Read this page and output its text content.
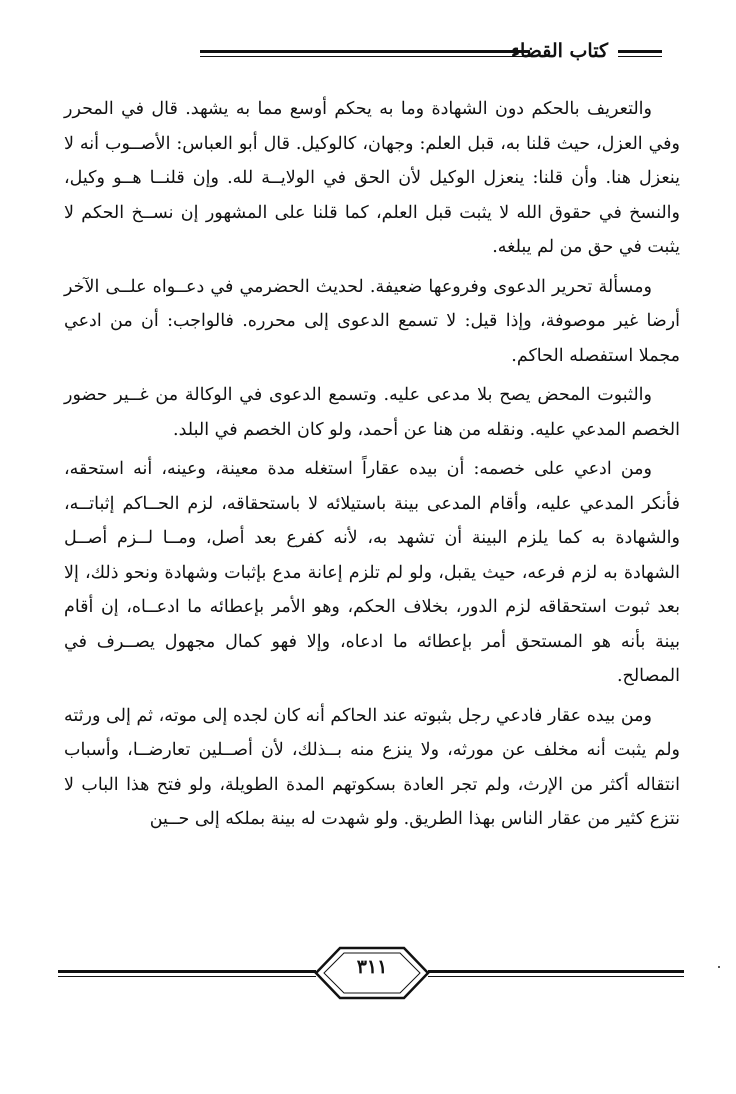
كتاب القضاء

والتعريف بالحكم دون الشهادة وما به يحكم أوسع مما به يشهد. قال في المحرر وفي العزل، حيث قلنا به، قبل العلم: وجهان، كالوكيل. قال أبو العباس: الأصــوب أنه لا ينعزل هنا. وأن قلنا: ينعزل الوكيل لأن الحق في الولايــة لله. وإن قلنــا هــو وكيل، والنسخ في حقوق الله لا يثبت قبل العلم، كما قلنا على المشهور إن نســخ الحكم لا يثبت في حق من لم يبلغه.

ومسألة تحرير الدعوى وفروعها ضعيفة. لحديث الحضرمي في دعــواه علــى الآخر أرضا غير موصوفة، وإذا قيل: لا تسمع الدعوى إلى محرره. فالواجب: أن من ادعي مجملا استفصله الحاكم.

والثبوت المحض يصح بلا مدعى عليه. وتسمع الدعوى في الوكالة من غــير حضور الخصم المدعي عليه. ونقله من هنا عن أحمد، ولو كان الخصم في البلد.

ومن ادعي على خصمه: أن بيده عقاراً استغله مدة معينة، وعينه، أنه استحقه، فأنكر المدعي عليه، وأقام المدعى بينة باستيلائه لا باستحقاقه، لزم الحــاكم إثباتــه، والشهادة به كما يلزم البينة أن تشهد به، لأنه كفرع بعد أصل، ومــا لــزم أصــل الشهادة به لزم فرعه، حيث يقبل، ولو لم تلزم إعانة مدع بإثبات وشهادة ونحو ذلك، إلا بعد ثبوت استحقاقه لزم الدور، بخلاف الحكم، وهو الأمر بإعطائه ما ادعــاه، إن أقام بينة بأنه هو المستحق أمر بإعطائه ما ادعاه، وإلا فهو كمال مجهول يصــرف في المصالح.

ومن بيده عقار فادعي رجل بثبوته عند الحاكم أنه كان لجده إلى موته، ثم إلى ورثته ولم يثبت أنه مخلف عن مورثه، ولا ينزع منه بــذلك، لأن أصــلين تعارضــا، وأسباب انتقاله أكثر من الإرث، ولم تجر العادة بسكوتهم المدة الطويلة، ولو فتح هذا الباب لا نتزع كثير من عقار الناس بهذا الطريق. ولو شهدت له بينة بملكه إلى حــين

٣١١
